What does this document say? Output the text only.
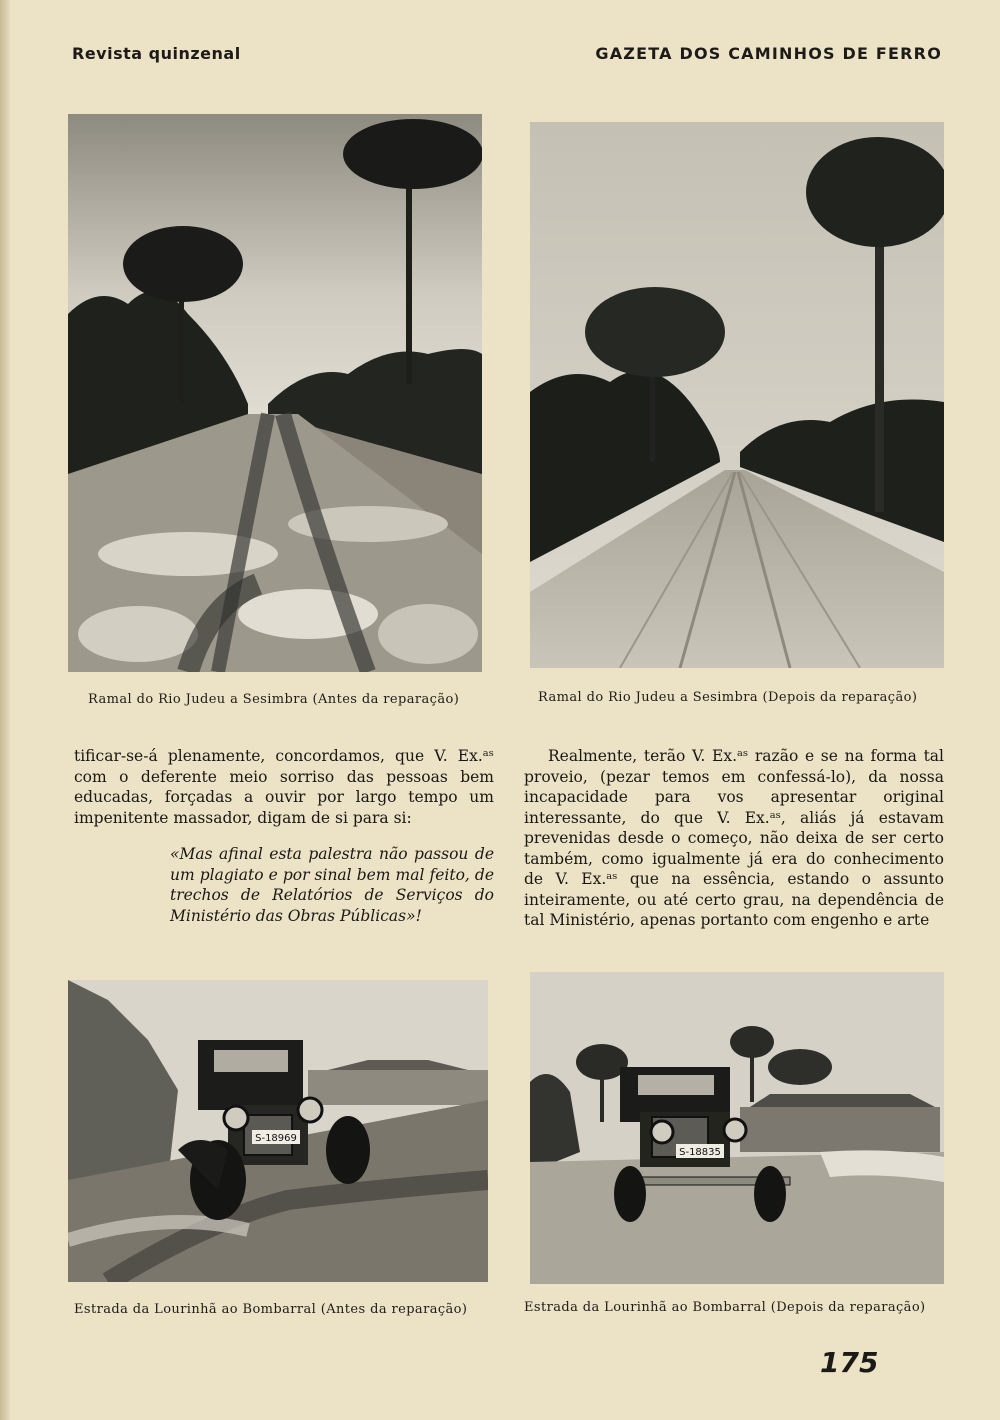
Revista quinzenal	GAZETA DOS CAMINHOS DE FERRO
S-18969
S-18835
Ramal do Rio Judeu a Sesimbra (Antes da reparação)	Ramal do Rio Judeu a Sesimbra (Depois da reparação)
Estrada da Lourinhã ao Bombarral (Antes da reparação)	Estrada da Lourinhã ao Bombarral (Depois da reparação)

tificar-se-á plenamente, concordamos, que V. Ex.ᵃˢ com o deferente meio sorriso das pessoas bem educadas, forçadas a ouvir por largo tempo um impenitente massador, digam de si para si:

«Mas afinal esta palestra não passou de um plagiato e por sinal bem mal feito, de trechos de Relatórios de Serviços do Ministério das Obras Públicas»!

Realmente, terão V. Ex.ᵃˢ razão e se na forma tal proveio, (pezar temos em confessá-lo), da nossa incapacidade para vos apresentar original interessante, do que V. Ex.ᵃˢ, aliás já estavam prevenidas desde o começo, não deixa de ser certo também, como igualmente já era do conhecimento de V. Ex.ᵃˢ que na essência, estando o assunto inteiramente, ou até certo grau, na dependência de tal Ministério, apenas portanto com engenho e arte

175
